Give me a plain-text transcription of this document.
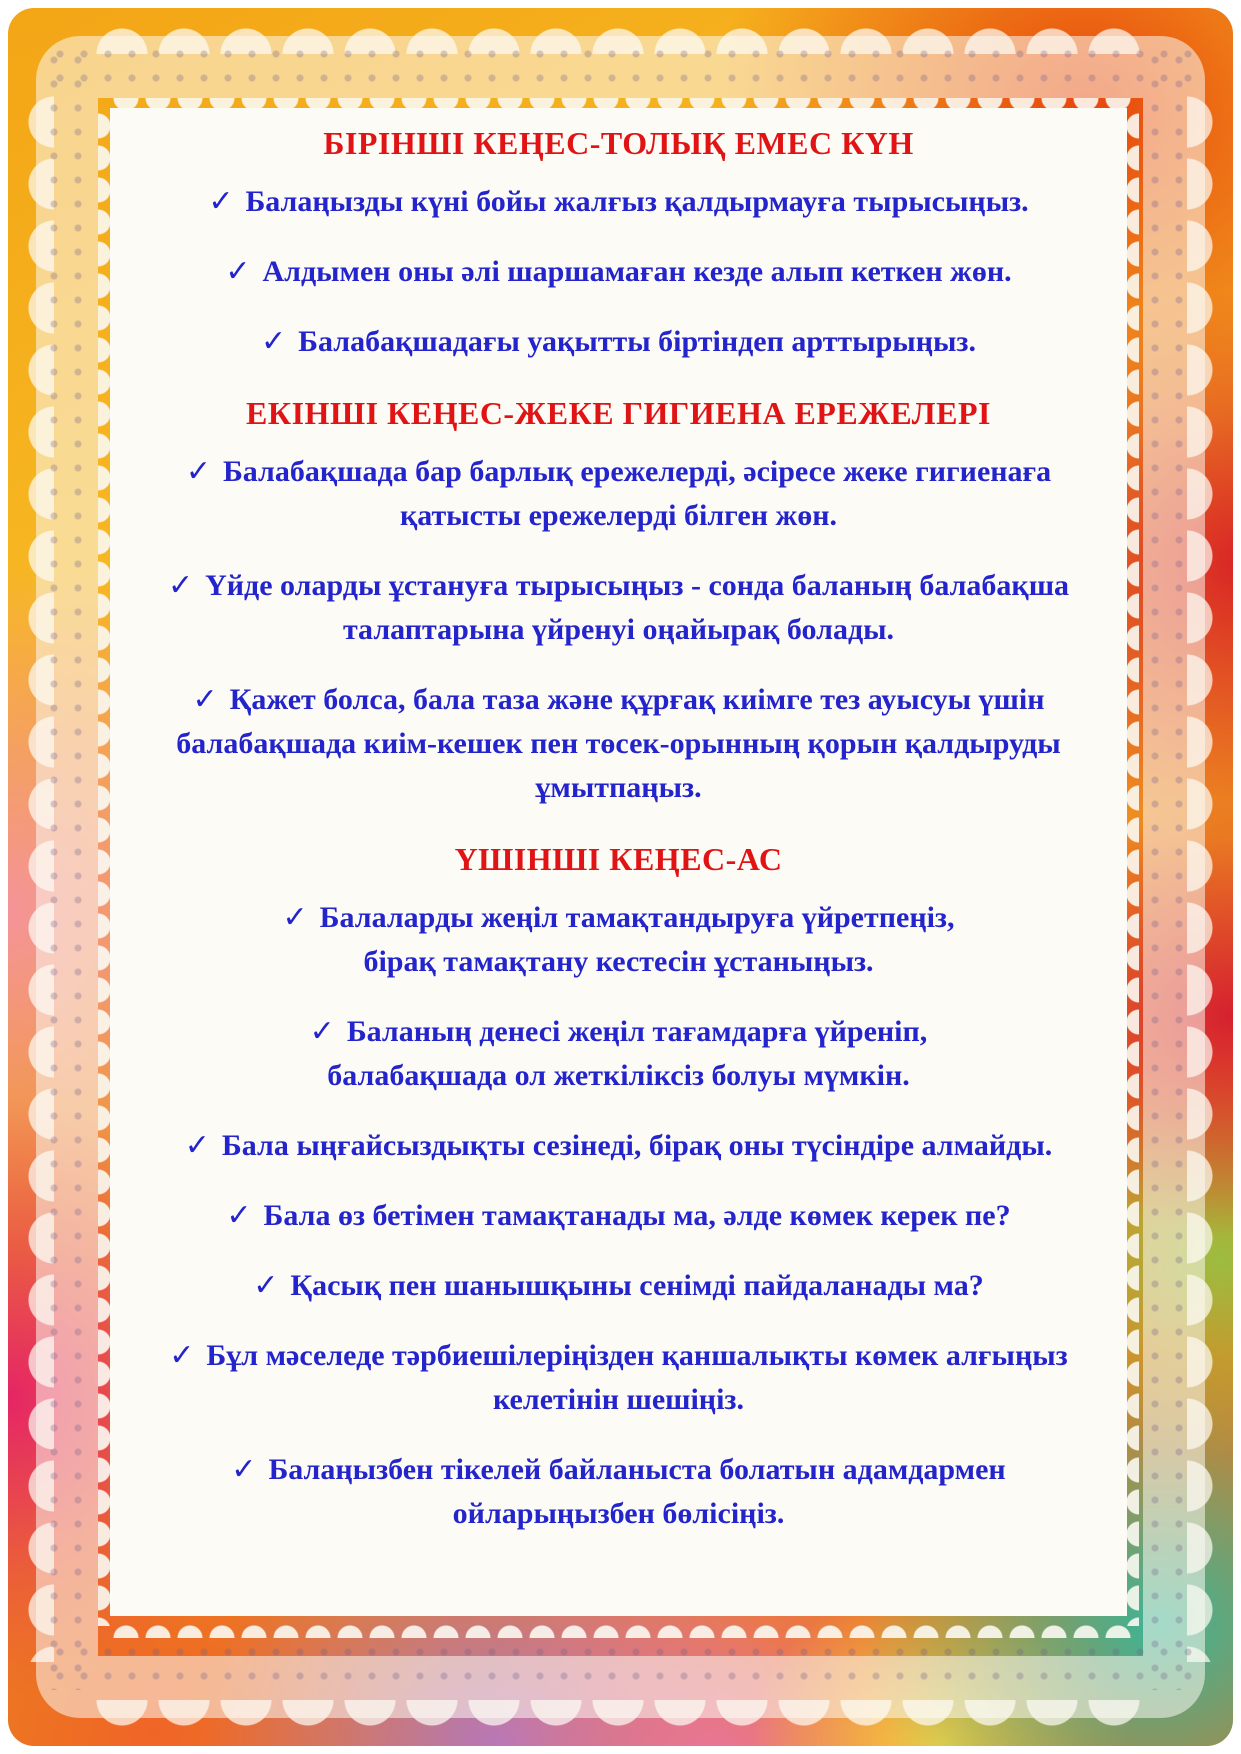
БІРІНШІ КЕҢЕС-ТОЛЫҚ ЕМЕС КҮН
✓ Балаңызды күні бойы жалғыз қалдырмауға тырысыңыз.
✓ Алдымен оны әлі шаршамаған кезде алып кеткен жөн.
✓ Балабақшадағы уақытты біртіндеп арттырыңыз.
ЕКІНШІ КЕҢЕС-ЖЕКЕ ГИГИЕНА ЕРЕЖЕЛЕРІ
✓ Балабақшада бар барлық ережелерді, әсіресе жеке гигиенаға қатысты ережелерді білген жөн.
✓ Үйде оларды ұстануға тырысыңыз - сонда баланың балабақша талаптарына үйренуі оңайырақ болады.
✓ Қажет болса, бала таза және құрғақ киімге тез ауысуы үшін балабақшада киім-кешек пен төсек-орынның қорын қалдыруды ұмытпаңыз.
ҮШІНШІ КЕҢЕС-АС
✓ Балаларды жеңіл тамақтандыруға үйретпеңіз, бірақ тамақтану кестесін ұстаныңыз.
✓ Баланың денесі жеңіл тағамдарға үйреніп, балабақшада ол жеткіліксіз болуы мүмкін.
✓ Бала ыңғайсыздықты сезінеді, бірақ оны түсіндіре алмайды.
✓ Бала өз бетімен тамақтанады ма, әлде көмек керек пе?
✓ Қасық пен шанышқыны сенімді пайдаланады ма?
✓ Бұл мәселеде тәрбиешілеріңізден қаншалықты көмек алғыңыз келетінін шешіңіз.
✓ Балаңызбен тікелей байланыста болатын адамдармен ойларыңызбен бөлісіңіз.
